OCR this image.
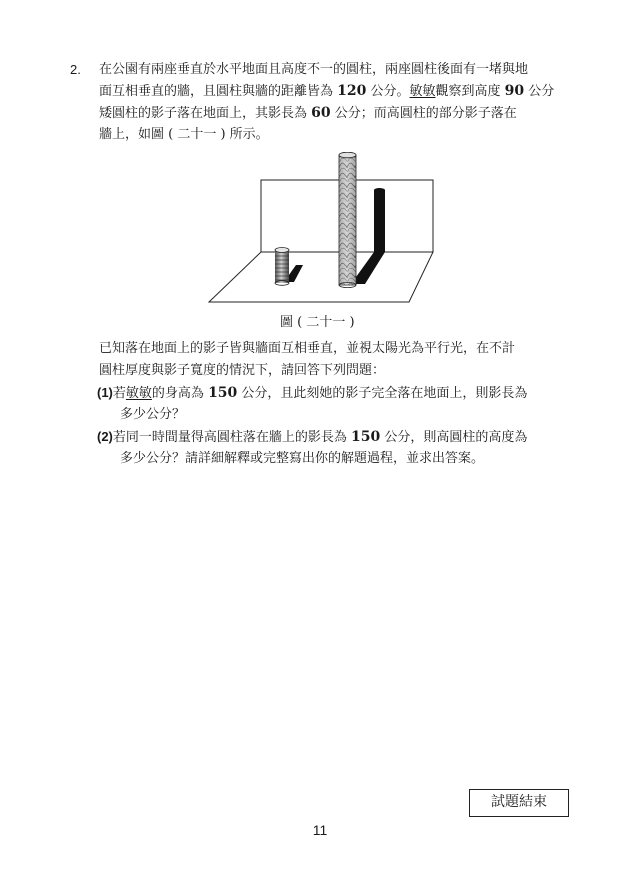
2. 在公園有兩座垂直於水平地面且高度不一的圓柱，兩座圓柱後面有一堵與地
面互相垂直的牆，且圓柱與牆的距離皆為 120 公分。敏敏觀察到高度 90 公分
矮圓柱的影子落在地面上，其影長為 60 公分；而高圓柱的部分影子落在
牆上，如圖 ( 二十一 ) 所示。
圖 ( 二十一 )
已知落在地面上的影子皆與牆面互相垂直，並視太陽光為平行光，在不計
圓柱厚度與影子寬度的情況下，請回答下列問題：
(1)若敏敏的身高為 150 公分，且此刻她的影子完全落在地面上，則影長為
多少公分？
(2)若同一時間量得高圓柱落在牆上的影長為 150 公分，則高圓柱的高度為
多少公分？請詳細解釋或完整寫出你的解題過程，並求出答案。
試題結束
11
